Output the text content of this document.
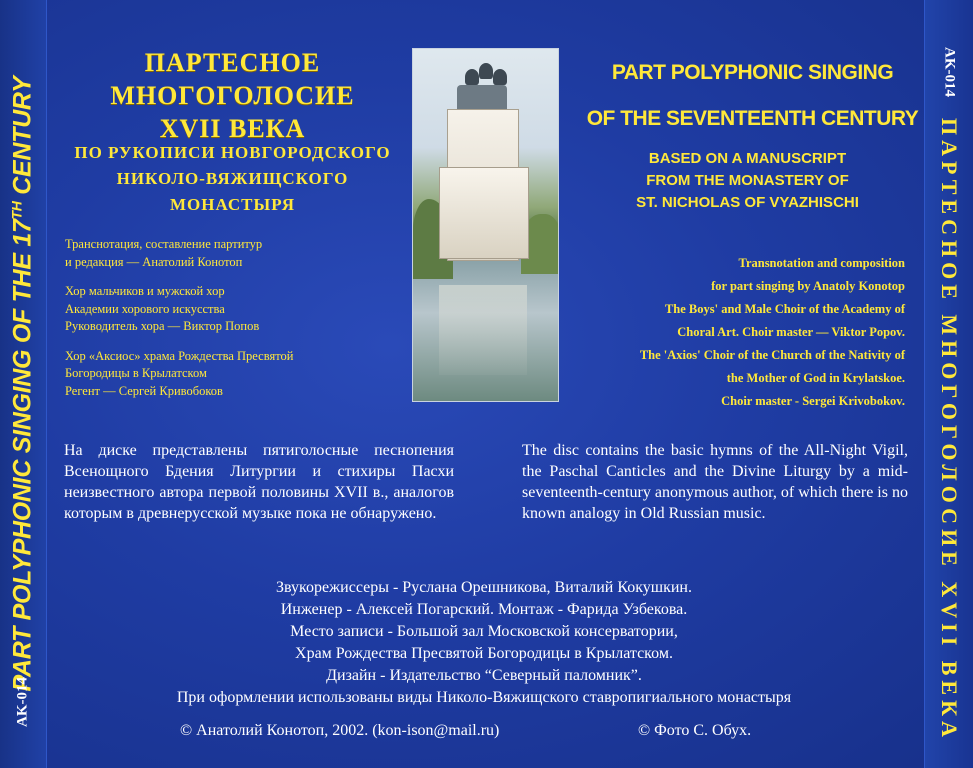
PART POLYPHONIC SINGING OF THE 17TH CENTURY
AK-014
AK-014
ПАРТЕСНОЕ МНОГОГОЛОСИЕ XVII ВЕКА
ПАРТЕСНОЕ МНОГОГОЛОСИЕ
XVII ВЕКА
ПО РУКОПИСИ НОВГОРОДСКОГО
НИКОЛО-ВЯЖИЩСКОГО
МОНАСТЫРЯ

Транснотация, составление партитур
и редакция — Анатолий Конотоп

Хор мальчиков и мужской хор
Академии хорового искусства
Руководитель хора — Виктор Попов

Хор «Аксиос» храма Рождества Пресвятой
Богородицы в Крылатском
Регент — Сергей Кривобоков

PART POLYPHONIC SINGING
OF THE SEVENTEENTH CENTURY
BASED ON A MANUSCRIPT
FROM THE MONASTERY OF
ST. NICHOLAS OF VYAZHISCHI

Transnotation and composition

for part singing by Anatoly Konotop

The Boys' and Male Choir of the Academy of

Choral Art. Choir master — Viktor Popov.

The 'Axios' Choir of the Church of the Nativity of

the Mother of God in Krylatskoe.

Choir master - Sergei Krivobokov.

На диске представлены пятиголосные песнопения Всенощного Бдения Литургии и стихиры Пасхи неизвестного автора первой половины XVII в., аналогов которым в древнерусской музыке пока не обнаружено.
The disc contains the basic hymns of the All-Night Vigil, the Paschal Canticles and the Divine Liturgy by a mid-seventeenth-century anonymous author, of which there is no known analogy in Old Russian music.
Звукорежиссеры - Руслана Орешникова, Виталий Кокушкин.
Инженер - Алексей Погарский. Монтаж - Фарида Узбекова.
Место записи - Большой зал Московской консерватории,
Храм Рождества Пресвятой Богородицы в Крылатском.
Дизайн - Издательство “Северный паломник”.
При оформлении использованы виды Николо-Вяжищского ставропигиального монастыря
© Анатолий Конотоп, 2002. (kon-ison@mail.ru)	© Фото С. Обух.
